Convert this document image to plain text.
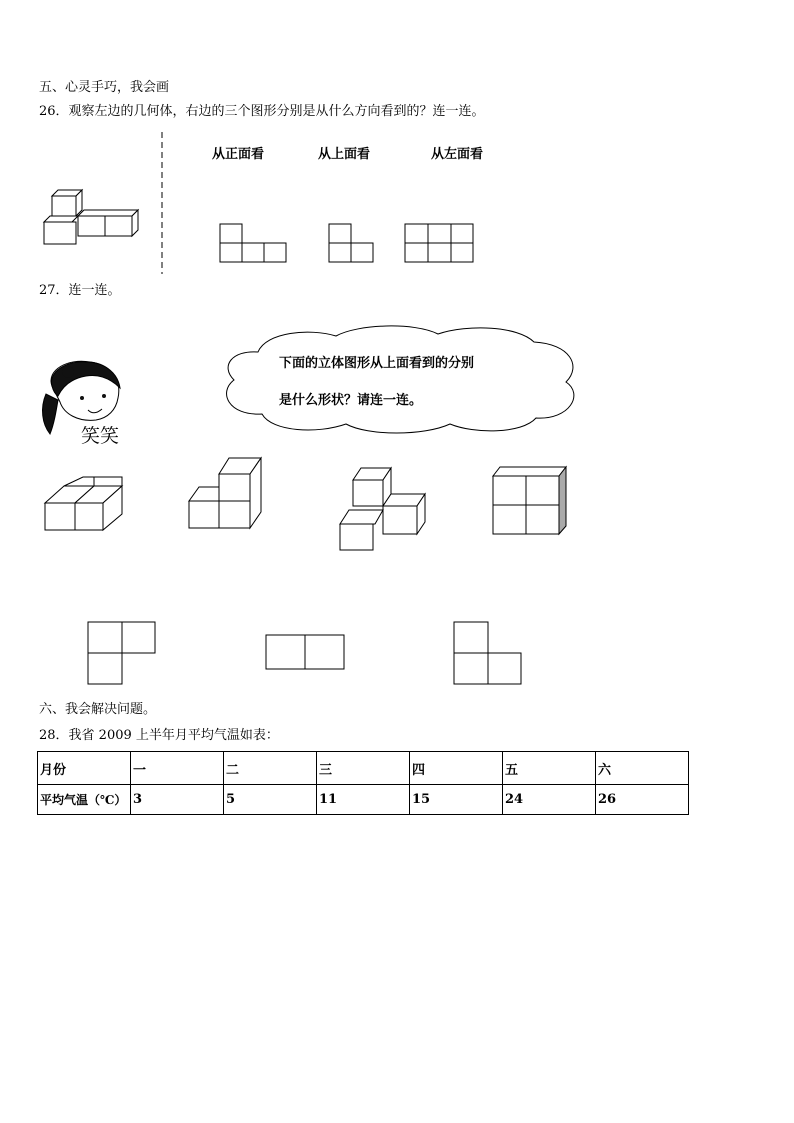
五、心灵手巧，我会画
26．观察左边的几何体，右边的三个图形分别是从什么方向看到的？连一连。
从正面看	从上面看	从左面看
27．连一连。
笑笑
下面的立体图形从上面看到的分别
是什么形状？请连一连。
六、我会解决问题。
28．我省 2009 上半年月平均气温如表：
月份	一	二	三	四	五	六
平均气温（℃）	3	5	11	15	24	26
